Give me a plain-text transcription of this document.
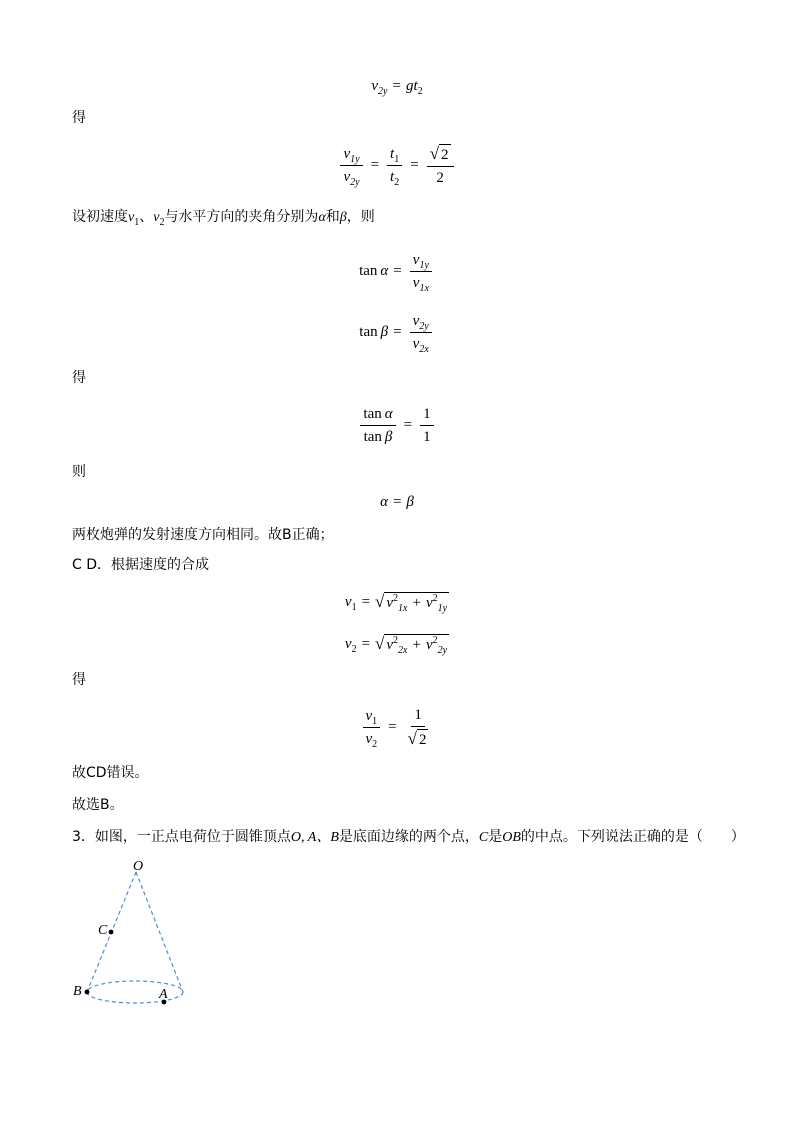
$v_{2y} = gt_2$
得
$\frac{v_{1y}}{v_{2y}} = \frac{t_1}{t_2} = \frac{√ 2}{2}$
设初速度$v_1$、$v_2$与水平方向的夹角分别为α和β，则
$\tan \alpha = \frac{v_{1y}}{v_{1x}}$
$\tan \beta = \frac{v_{2y}}{v_{2x}}$
得
$\frac{\text{tan α}}{\text{tan β}} = \frac{1}{1}$
则
α = β
两枚炮弹的发射速度方向相同。故B正确；
C D．根据速度的合成
$v_1$ = √ $v^2_{1x} + v^2_{1y}$
$v_2$ = √ $v^2_{2x} + v^2_{2y}$
得
$\frac{v_1}{v_2} = \frac{1}{√ 2}$
故CD错误。
故选B。
3．如图，一正点电荷位于圆锥顶点O, A、B是底面边缘的两个点，C是OB的中点。下列说法正确的是（　　）
O
C
B	A
